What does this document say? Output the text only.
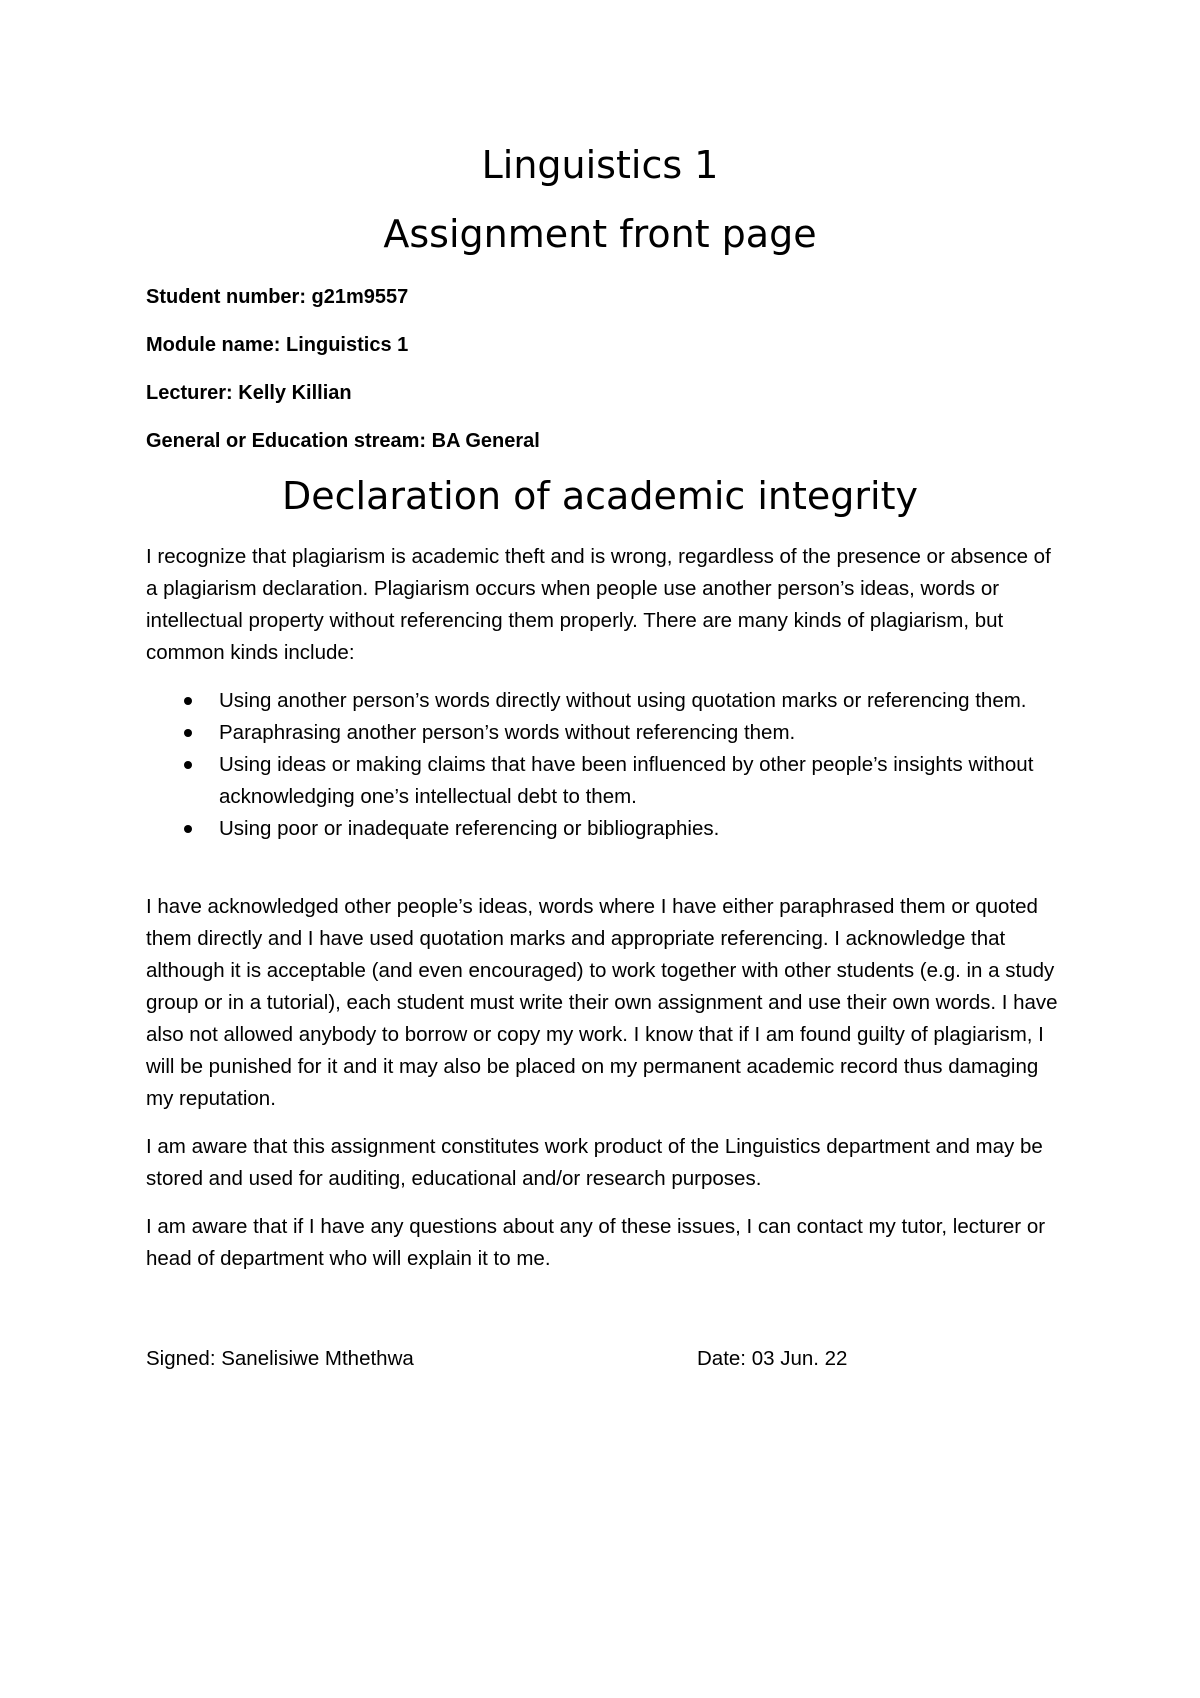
Linguistics 1
Assignment front page

Student number: g21m9557

Module name: Linguistics 1

Lecturer: Kelly Killian

General or Education stream: BA General

Declaration of academic integrity

I recognize that plagiarism is academic theft and is wrong, regardless of the presence or absence of a plagiarism declaration. Plagiarism occurs when people use another person’s ideas, words or intellectual property without referencing them properly. There are many kinds of plagiarism, but common kinds include:

Using another person’s words directly without using quotation marks or referencing them.
Paraphrasing another person’s words without referencing them.
Using ideas or making claims that have been influenced by other people’s insights without acknowledging one’s intellectual debt to them.
Using poor or inadequate referencing or bibliographies.

I have acknowledged other people’s ideas, words where I have either paraphrased them or quoted them directly and I have used quotation marks and appropriate referencing. I acknowledge that although it is acceptable (and even encouraged) to work together with other students (e.g. in a study group or in a tutorial), each student must write their own assignment and use their own words. I have also not allowed anybody to borrow or copy my work. I know that if I am found guilty of plagiarism, I will be punished for it and it may also be placed on my permanent academic record thus damaging my reputation.

I am aware that this assignment constitutes work product of the Linguistics department and may be stored and used for auditing, educational and/or research purposes.

I am aware that if I have any questions about any of these issues, I can contact my tutor, lecturer or head of department who will explain it to me.

Signed: Sanelisiwe Mthethwa	Date: 03 Jun. 22
